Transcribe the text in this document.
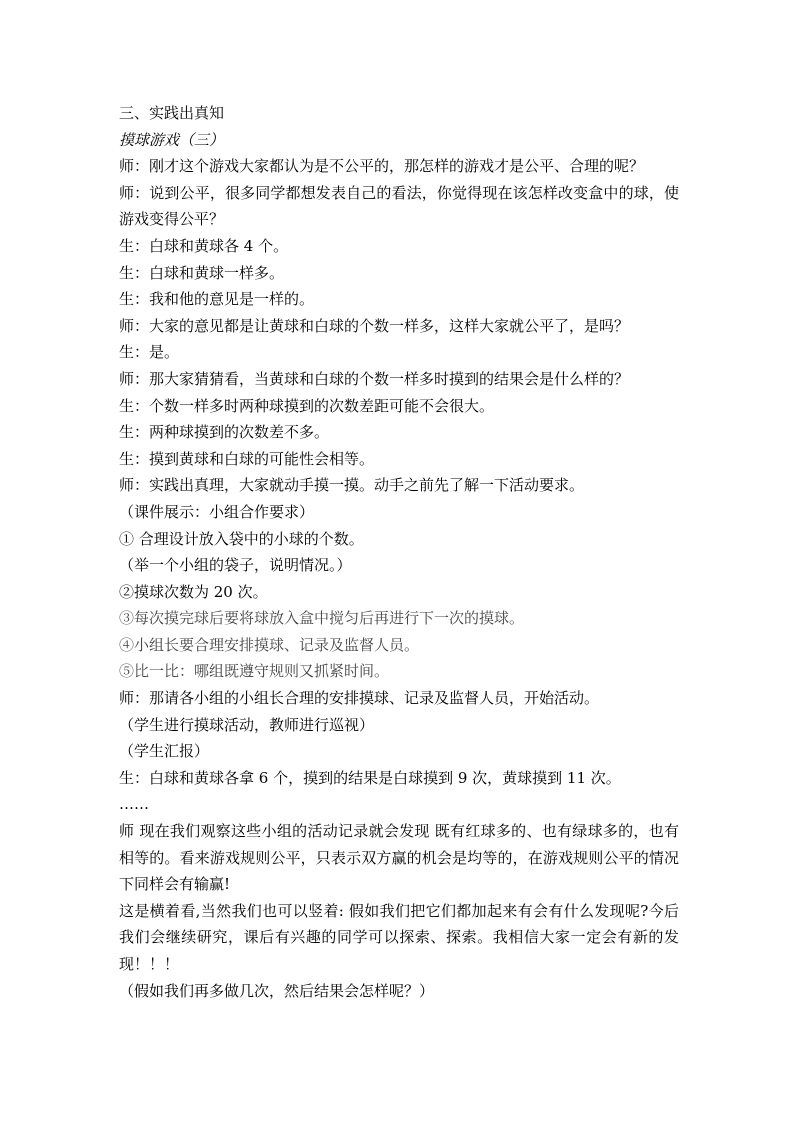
三、实践出真知

摸球游戏（三）

师：刚才这个游戏大家都认为是不公平的，那怎样的游戏才是公平、合理的呢？

师：说到公平，很多同学都想发表自己的看法，你觉得现在该怎样改变盒中的球，使游戏变得公平？

生：白球和黄球各 4 个。

生：白球和黄球一样多。

生：我和他的意见是一样的。

师：大家的意见都是让黄球和白球的个数一样多，这样大家就公平了，是吗？

生：是。

师：那大家猜猜看，当黄球和白球的个数一样多时摸到的结果会是什么样的？

生：个数一样多时两种球摸到的次数差距可能不会很大。

生：两种球摸到的次数差不多。

生：摸到黄球和白球的可能性会相等。

师：实践出真理，大家就动手摸一摸。动手之前先了解一下活动要求。

（课件展示：小组合作要求）

① 合理设计放入袋中的小球的个数。

（举一个小组的袋子，说明情况。）

②摸球次数为 20 次。

③每次摸完球后要将球放入盒中搅匀后再进行下一次的摸球。

④小组长要合理安排摸球、记录及监督人员。

⑤比一比：哪组既遵守规则又抓紧时间。

师：那请各小组的小组长合理的安排摸球、记录及监督人员，开始活动。

（学生进行摸球活动，教师进行巡视）

（学生汇报）

生：白球和黄球各拿 6 个，摸到的结果是白球摸到 9 次，黄球摸到 11 次。

……

师 现在我们观察这些小组的活动记录就会发现 既有红球多的、也有绿球多的，也有相等的。看来游戏规则公平，只表示双方赢的机会是均等的，在游戏规则公平的情况下同样会有输赢!

这是横着看,当然我们也可以竖着: 假如我们把它们都加起来有会有什么发现呢?今后我们会继续研究，课后有兴趣的同学可以探索、探索。我相信大家一定会有新的发现！！！

（假如我们再多做几次，然后结果会怎样呢？）
